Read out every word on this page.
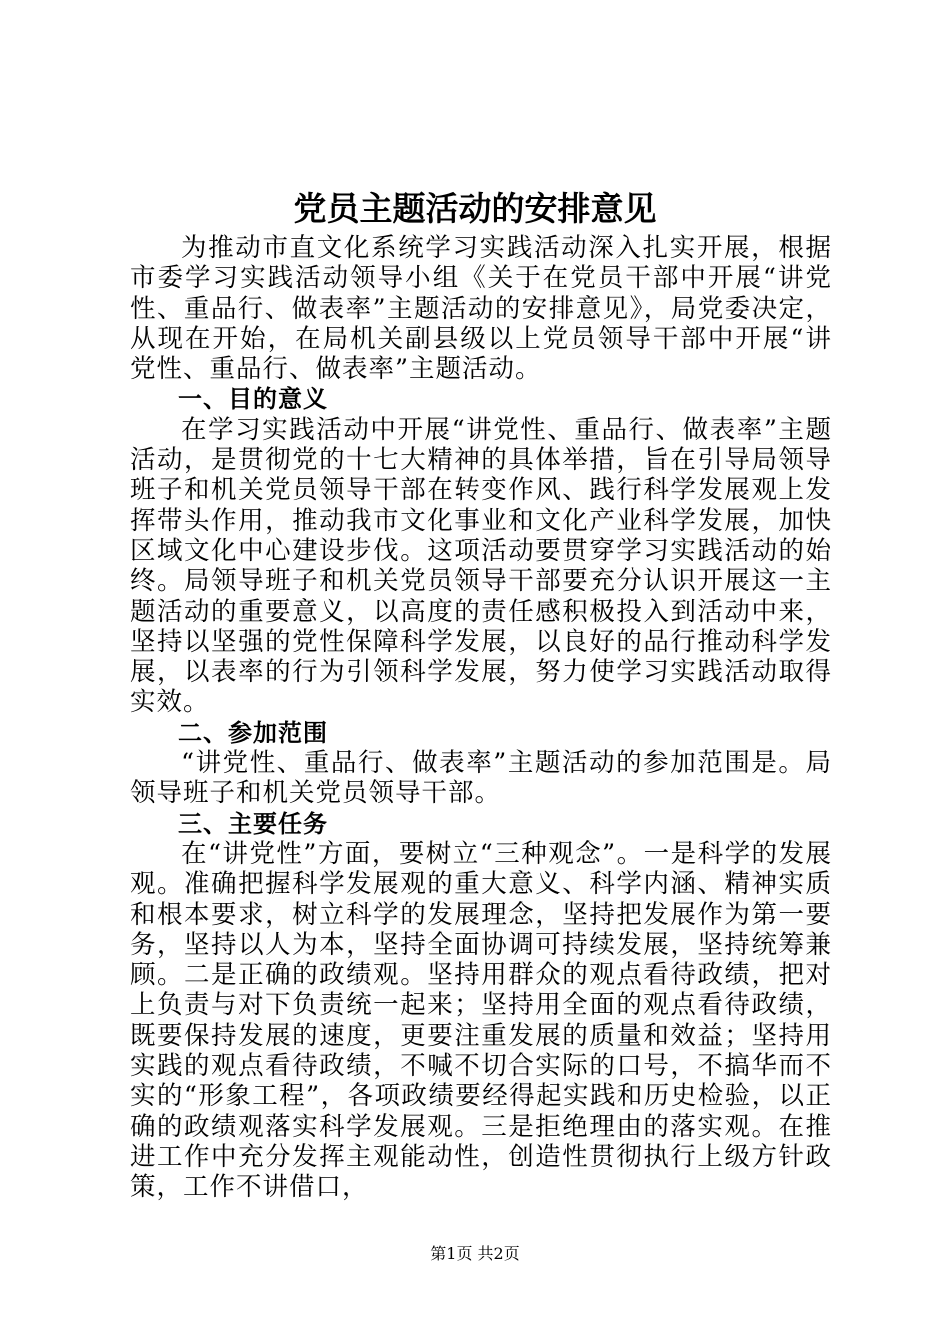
党员主题活动的安排意见

为推动市直文化系统学习实践活动深入扎实开展，根据市委学习实践活动领导小组《关于在党员干部中开展“讲党性、重品行、做表率”主题活动的安排意见》，局党委决定，从现在开始，在局机关副县级以上党员领导干部中开展“讲党性、重品行、做表率”主题活动。

一、目的意义

在学习实践活动中开展“讲党性、重品行、做表率”主题活动，是贯彻党的十七大精神的具体举措，旨在引导局领导班子和机关党员领导干部在转变作风、践行科学发展观上发挥带头作用，推动我市文化事业和文化产业科学发展，加快区域文化中心建设步伐。这项活动要贯穿学习实践活动的始终。局领导班子和机关党员领导干部要充分认识开展这一主题活动的重要意义，以高度的责任感积极投入到活动中来，坚持以坚强的党性保障科学发展，以良好的品行推动科学发展，以表率的行为引领科学发展，努力使学习实践活动取得实效。

二、参加范围

“讲党性、重品行、做表率”主题活动的参加范围是。局领导班子和机关党员领导干部。

三、主要任务

在“讲党性”方面，要树立“三种观念”。一是科学的发展观。准确把握科学发展观的重大意义、科学内涵、精神实质和根本要求，树立科学的发展理念，坚持把发展作为第一要务，坚持以人为本，坚持全面协调可持续发展，坚持统筹兼顾。二是正确的政绩观。坚持用群众的观点看待政绩，把对上负责与对下负责统一起来；坚持用全面的观点看待政绩，既要保持发展的速度，更要注重发展的质量和效益；坚持用实践的观点看待政绩，不喊不切合实际的口号，不搞华而不实的“形象工程”，各项政绩要经得起实践和历史检验，以正确的政绩观落实科学发展观。三是拒绝理由的落实观。在推进工作中充分发挥主观能动性，创造性贯彻执行上级方针政策，工作不讲借口，

第1页 共2页
